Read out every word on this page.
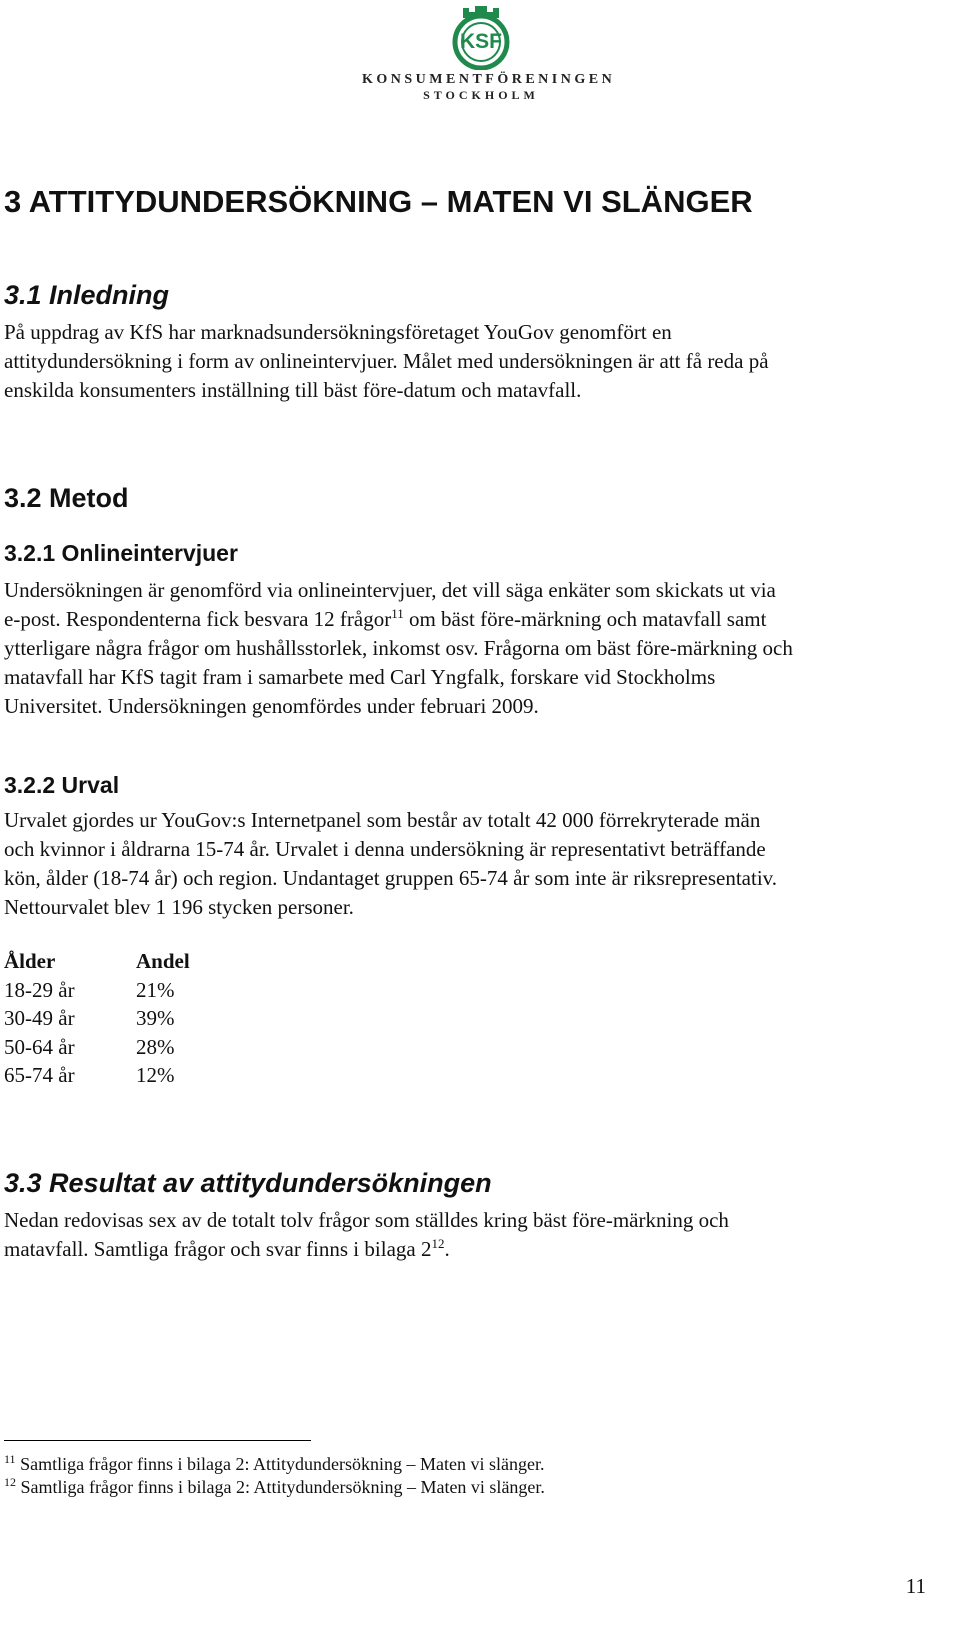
KSF
KONSUMENTFÖRENINGEN
STOCKHOLM
3 ATTITYDUNDERSÖKNING – MATEN VI SLÄNGER
3.1 Inledning
På uppdrag av KfS har marknadsundersökningsföretaget YouGov genomfört en
attitydundersökning i form av onlineintervjuer. Målet med undersökningen är att få reda på
enskilda konsumenters inställning till bäst före-datum och matavfall.
3.2 Metod
3.2.1 Onlineintervjuer
Undersökningen är genomförd via onlineintervjuer, det vill säga enkäter som skickats ut via
e-post. Respondenterna fick besvara 12 frågor$^{11}$ om bäst före-märkning och matavfall samt
ytterligare några frågor om hushållsstorlek, inkomst osv. Frågorna om bäst före-märkning och
matavfall har KfS tagit fram i samarbete med Carl Yngfalk, forskare vid Stockholms
Universitet. Undersökningen genomfördes under februari 2009.
3.2.2 Urval
Urvalet gjordes ur YouGov:s Internetpanel som består av totalt 42 000 förrekryterade män
och kvinnor i åldrarna 15-74 år. Urvalet i denna undersökning är representativt beträffande
kön, ålder (18-74 år) och region. Undantaget gruppen 65-74 år som inte är riksrepresentativ.
Nettourvalet blev 1 196 stycken personer.
Ålder	Andel
18-29 år	21%
30-49 år	39%
50-64 år	28%
65-74 år	12%
3.3 Resultat av attitydundersökningen
Nedan redovisas sex av de totalt tolv frågor som ställdes kring bäst före-märkning och
matavfall. Samtliga frågor och svar finns i bilaga $2^{12}$.
$^{11}$ Samtliga frågor finns i bilaga 2: Attitydundersökning – Maten vi slänger.
$^{12}$ Samtliga frågor finns i bilaga 2: Attitydundersökning – Maten vi slänger.
11
